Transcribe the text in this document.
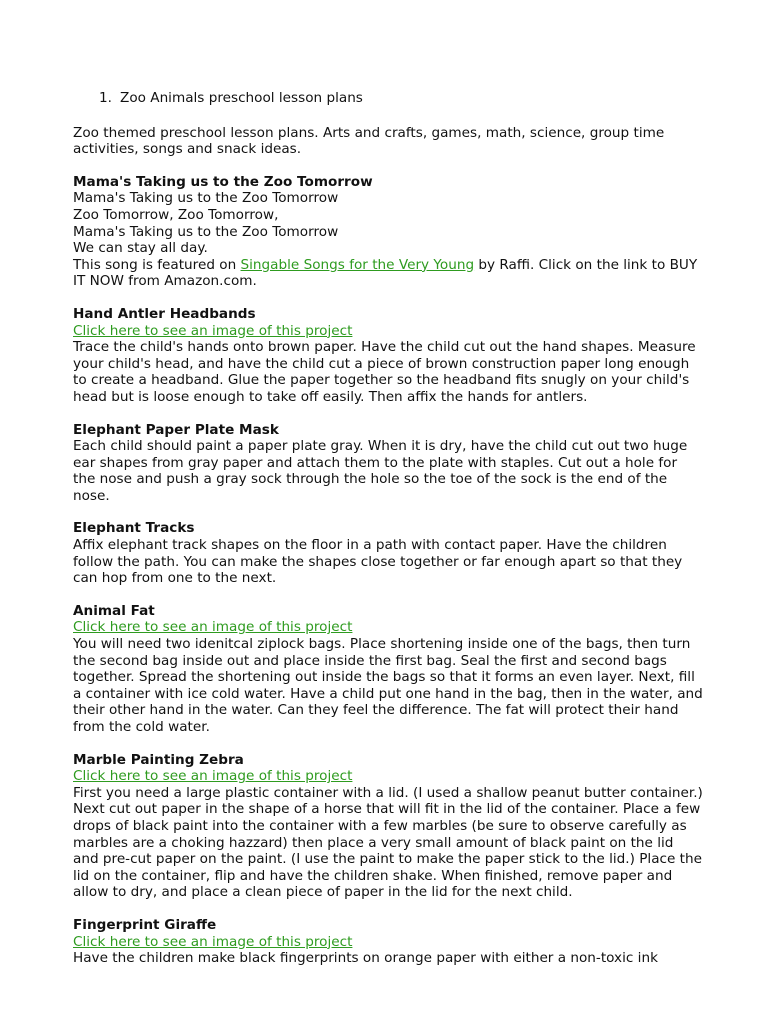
1. Zoo Animals preschool lesson plans

Zoo themed preschool lesson plans. Arts and crafts, games, math, science, group time activities, songs and snack ideas.

Mama's Taking us to the Zoo Tomorrow
Mama's Taking us to the Zoo Tomorrow
Zoo Tomorrow, Zoo Tomorrow,
Mama's Taking us to the Zoo Tomorrow
We can stay all day.

This song is featured on Singable Songs for the Very Young by Raffi. Click on the link to BUY IT NOW from Amazon.com.

Hand Antler Headbands
Click here to see an image of this project

Trace the child's hands onto brown paper. Have the child cut out the hand shapes. Measure your child's head, and have the child cut a piece of brown construction paper long enough to create a headband. Glue the paper together so the headband fits snugly on your child's head but is loose enough to take off easily. Then affix the hands for antlers.

Elephant Paper Plate Mask

Each child should paint a paper plate gray. When it is dry, have the child cut out two huge ear shapes from gray paper and attach them to the plate with staples. Cut out a hole for the nose and push a gray sock through the hole so the toe of the sock is the end of the nose.

Elephant Tracks

Affix elephant track shapes on the floor in a path with contact paper. Have the children follow the path. You can make the shapes close together or far enough apart so that they can hop from one to the next.

Animal Fat
Click here to see an image of this project

You will need two idenitcal ziplock bags. Place shortening inside one of the bags, then turn the second bag inside out and place inside the first bag. Seal the first and second bags together. Spread the shortening out inside the bags so that it forms an even layer. Next, fill a container with ice cold water. Have a child put one hand in the bag, then in the water, and their other hand in the water. Can they feel the difference. The fat will protect their hand from the cold water.

Marble Painting Zebra
Click here to see an image of this project

First you need a large plastic container with a lid. (I used a shallow peanut butter container.) Next cut out paper in the shape of a horse that will fit in the lid of the container. Place a few drops of black paint into the container with a few marbles (be sure to observe carefully as marbles are a choking hazzard) then place a very small amount of black paint on the lid and pre-cut paper on the paint. (I use the paint to make the paper stick to the lid.) Place the lid on the container, flip and have the children shake. When finished, remove paper and allow to dry, and place a clean piece of paper in the lid for the next child.

Fingerprint Giraffe
Click here to see an image of this project

Have the children make black fingerprints on orange paper with either a non-toxic ink
